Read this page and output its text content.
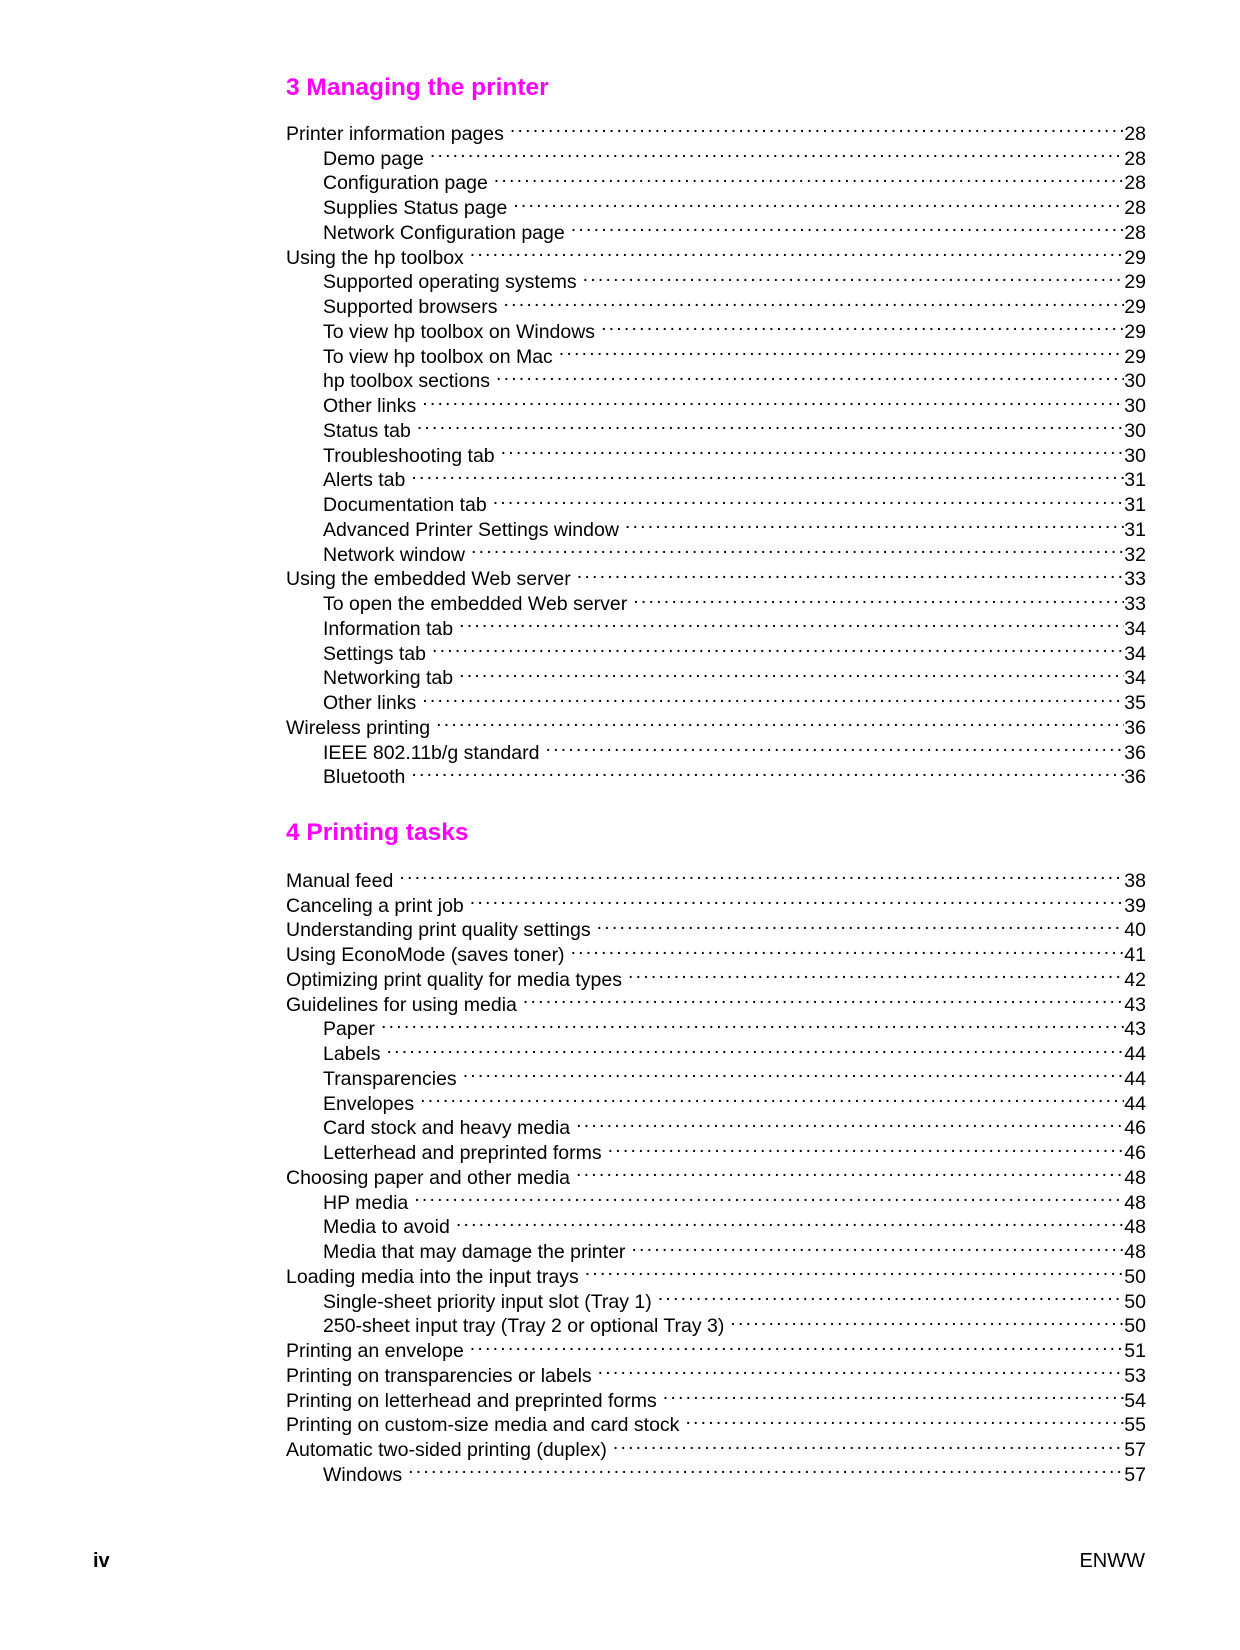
3 Managing the printer
Printer information pages .....	28
Demo page .....	28
Configuration page .....	28
Supplies Status page .....	28
Network Configuration page .....	28
Using the hp toolbox .....	29
Supported operating systems .....	29
Supported browsers .....	29
To view hp toolbox on Windows .....	29
To view hp toolbox on Mac .....	29
hp toolbox sections .....	30
Other links .....	30
Status tab .....	30
Troubleshooting tab .....	30
Alerts tab .....	31
Documentation tab .....	31
Advanced Printer Settings window .....	31
Network window .....	32
Using the embedded Web server .....	33
To open the embedded Web server .....	33
Information tab .....	34
Settings tab .....	34
Networking tab .....	34
Other links .....	35
Wireless printing .....	36
IEEE 802.11b/g standard .....	36
Bluetooth .....	36
4 Printing tasks
Manual feed .....	38
Canceling a print job .....	39
Understanding print quality settings .....	40
Using EconoMode (saves toner) .....	41
Optimizing print quality for media types .....	42
Guidelines for using media .....	43
Paper .....	43
Labels .....	44
Transparencies .....	44
Envelopes .....	44
Card stock and heavy media .....	46
Letterhead and preprinted forms .....	46
Choosing paper and other media .....	48
HP media .....	48
Media to avoid .....	48
Media that may damage the printer .....	48
Loading media into the input trays .....	50
Single-sheet priority input slot (Tray 1) .....	50
250-sheet input tray (Tray 2 or optional Tray 3) .....	50
Printing an envelope .....	51
Printing on transparencies or labels .....	53
Printing on letterhead and preprinted forms .....	54
Printing on custom-size media and card stock .....	55
Automatic two-sided printing (duplex) .....	57
Windows .....	57
iv	ENWW
